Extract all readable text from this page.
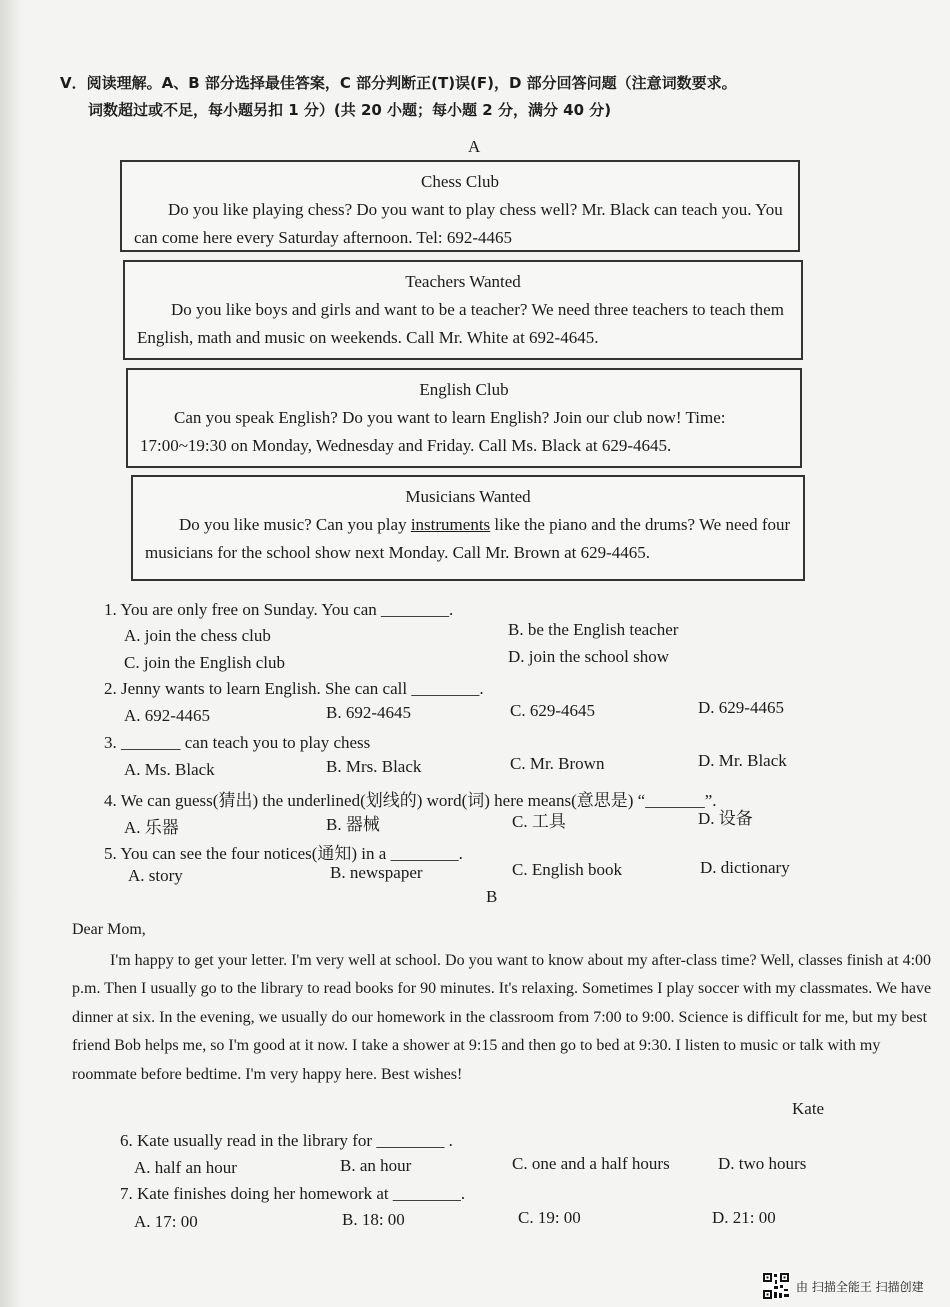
V．阅读理解。A、B 部分选择最佳答案，C 部分判断正(T)误(F)，D 部分回答问题（注意词数要求。
词数超过或不足，每小题另扣 1 分）(共 20 小题；每小题 2 分，满分 40 分)
A
Chess Club
Do you like playing chess? Do you want to play chess well? Mr. Black can teach you. You can come here every Saturday afternoon. Tel: 692-4465
Teachers Wanted
Do you like boys and girls and want to be a teacher? We need three teachers to teach them English, math and music on weekends. Call Mr. White at 692-4645.
English Club
Can you speak English? Do you want to learn English? Join our club now! Time: 17:00~19:30 on Monday, Wednesday and Friday. Call Ms. Black at 629-4645.
Musicians Wanted
Do you like music? Can you play instruments like the piano and the drums? We need four musicians for the school show next Monday. Call Mr. Brown at 629-4465.
1. You are only free on Sunday. You can ________.
A. join the chess club	B. be the English teacher
C. join the English club	D. join the school show
2. Jenny wants to learn English. She can call ________.
A. 692-4465	B. 692-4645	C. 629-4645	D. 629-4465
3. _______ can teach you to play chess
A. Ms. Black	B. Mrs. Black	C. Mr. Brown	D. Mr. Black
4. We can guess(猜出) the underlined(划线的) word(词) here means(意思是) “_______”.
A. 乐器	B. 器械	C. 工具	D. 设备
5. You can see the four notices(通知) in a ________.
A. story	B. newspaper	C. English book	D. dictionary
B

Dear Mom,

I'm happy to get your letter. I'm very well at school. Do you want to know about my after-class time? Well, classes finish at 4:00 p.m. Then I usually go to the library to read books for 90 minutes. It's relaxing. Sometimes I play soccer with my classmates. We have dinner at six. In the evening, we usually do our homework in the classroom from 7:00 to 9:00. Science is difficult for me, but my best friend Bob helps me, so I'm good at it now. I take a shower at 9:15 and then go to bed at 9:30. I listen to music or talk with my roommate before bedtime. I'm very happy here. Best wishes!

Kate
6. Kate usually read in the library for ________ .
A. half an hour	B. an hour	C. one and a half hours	D. two hours
7. Kate finishes doing her homework at ________.
A. 17: 00	B. 18: 00	C. 19: 00	D. 21: 00
由 扫描全能王 扫描创建
